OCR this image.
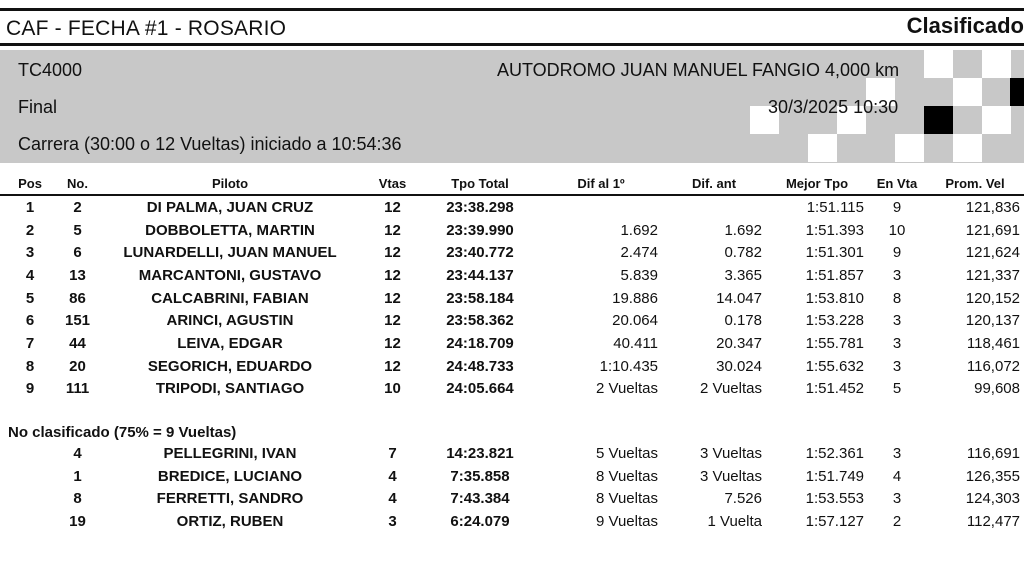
CAF - FECHA #1 - ROSARIO	Clasificado
TC4000	AUTODROMO JUAN MANUEL FANGIO 4,000 km
Final	30/3/2025 10:30
Carrera (30:00 o 12 Vueltas) iniciado a 10:54:36
Pos	No.	Piloto	Vtas	Tpo Total	Dif al 1º	Dif. ant	Mejor Tpo	En Vta	Prom. Vel
1	2	DI PALMA, JUAN CRUZ	12	23:38.298			1:51.115	9	121,836
2	5	DOBBOLETTA, MARTIN	12	23:39.990	1.692	1.692	1:51.393	10	121,691
3	6	LUNARDELLI, JUAN MANUEL	12	23:40.772	2.474	0.782	1:51.301	9	121,624
4	13	MARCANTONI, GUSTAVO	12	23:44.137	5.839	3.365	1:51.857	3	121,337
5	86	CALCABRINI, FABIAN	12	23:58.184	19.886	14.047	1:53.810	8	120,152
6	151	ARINCI, AGUSTIN	12	23:58.362	20.064	0.178	1:53.228	3	120,137
7	44	LEIVA, EDGAR	12	24:18.709	40.411	20.347	1:55.781	3	118,461
8	20	SEGORICH, EDUARDO	12	24:48.733	1:10.435	30.024	1:55.632	3	116,072
9	111	TRIPODI, SANTIAGO	10	24:05.664	2 Vueltas	2 Vueltas	1:51.452	5	99,608
No clasificado (75% = 9 Vueltas)
	4	PELLEGRINI, IVAN	7	14:23.821	5 Vueltas	3 Vueltas	1:52.361	3	116,691
	1	BREDICE, LUCIANO	4	7:35.858	8 Vueltas	3 Vueltas	1:51.749	4	126,355
	8	FERRETTI, SANDRO	4	7:43.384	8 Vueltas	7.526	1:53.553	3	124,303
	19	ORTIZ, RUBEN	3	6:24.079	9 Vueltas	1 Vuelta	1:57.127	2	112,477
